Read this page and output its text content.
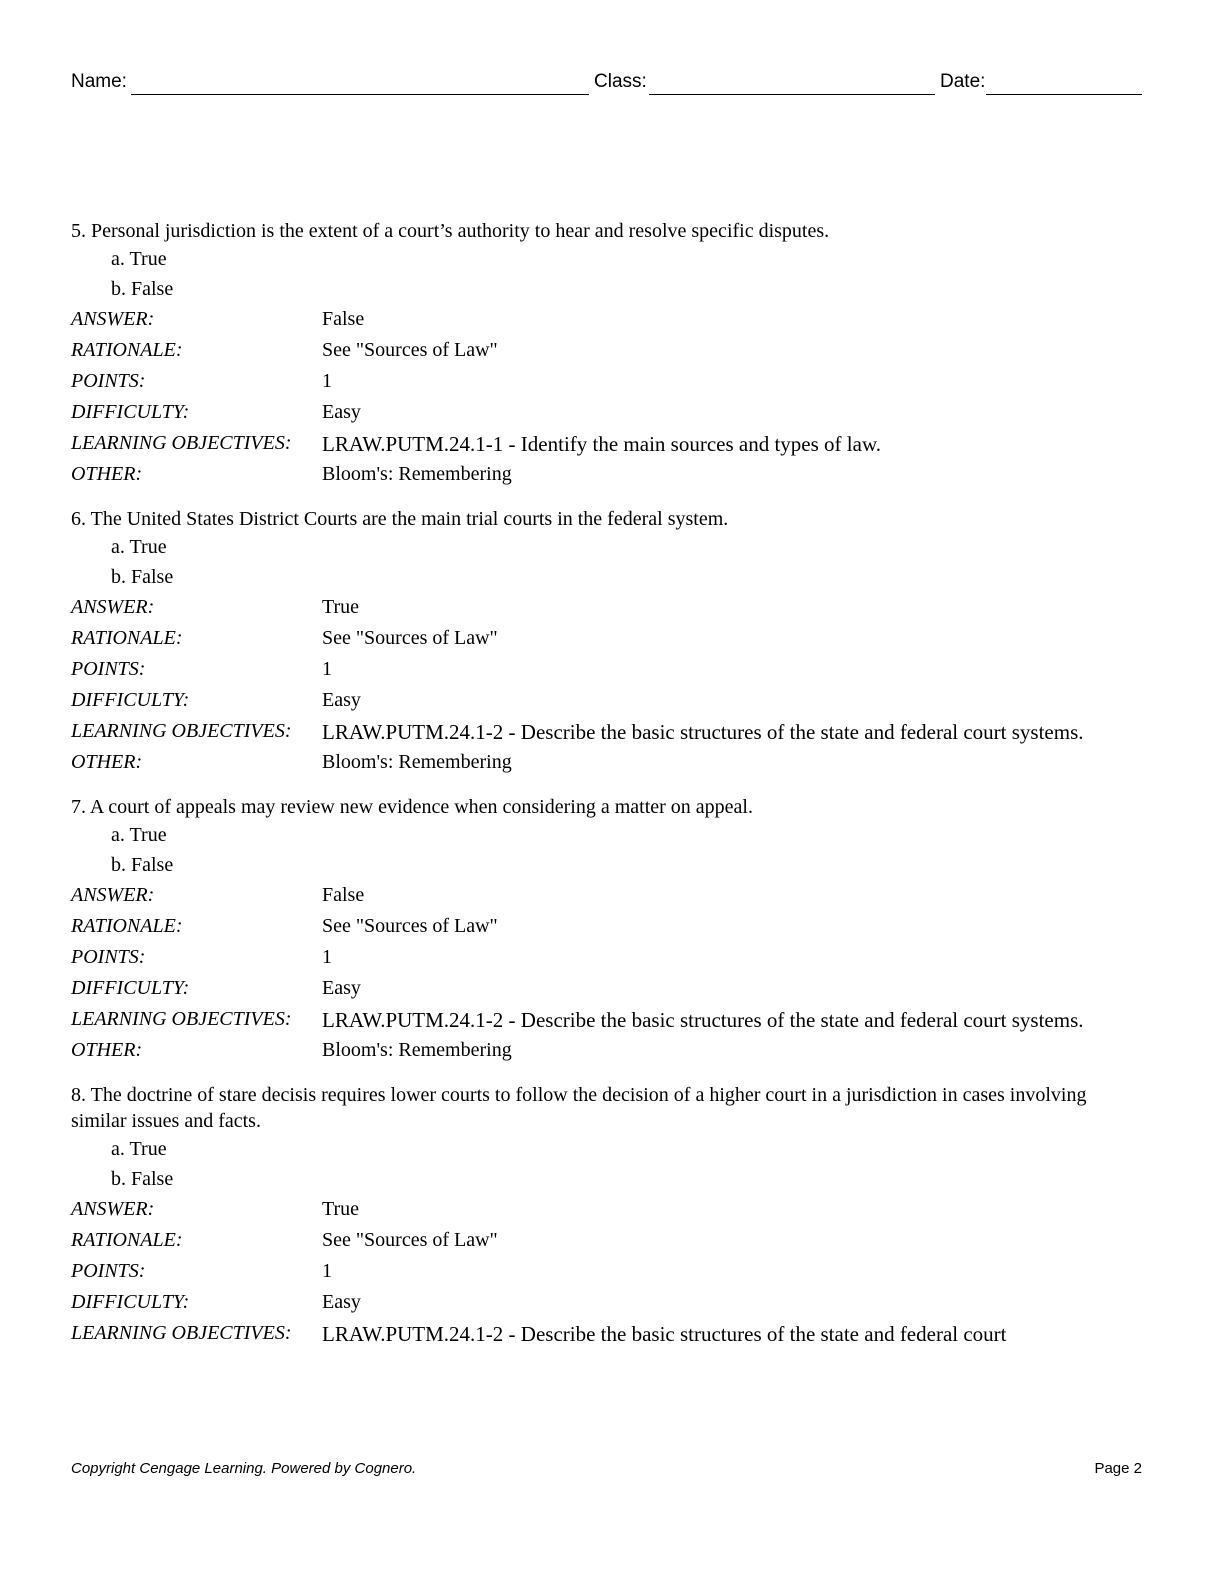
Name:	Class:	Date:
5. Personal jurisdiction is the extent of a court’s authority to hear and resolve specific disputes.
a. True
b. False
ANSWER:	False
RATIONALE:	See "Sources of Law"
POINTS:	1
DIFFICULTY:	Easy
LEARNING OBJECTIVES:	LRAW.PUTM.24.1-1 - Identify the main sources and types of law.
OTHER:	Bloom's: Remembering
6. The United States District Courts are the main trial courts in the federal system.
a. True
b. False
ANSWER:	True
RATIONALE:	See "Sources of Law"
POINTS:	1
DIFFICULTY:	Easy
LEARNING OBJECTIVES:	LRAW.PUTM.24.1-2 - Describe the basic structures of the state and federal court systems.
OTHER:	Bloom's: Remembering
7. A court of appeals may review new evidence when considering a matter on appeal.
a. True
b. False
ANSWER:	False
RATIONALE:	See "Sources of Law"
POINTS:	1
DIFFICULTY:	Easy
LEARNING OBJECTIVES:	LRAW.PUTM.24.1-2 - Describe the basic structures of the state and federal court systems.
OTHER:	Bloom's: Remembering
8. The doctrine of stare decisis requires lower courts to follow the decision of a higher court in a jurisdiction in cases involving similar issues and facts.
a. True
b. False
ANSWER:	True
RATIONALE:	See "Sources of Law"
POINTS:	1
DIFFICULTY:	Easy
LEARNING OBJECTIVES:	LRAW.PUTM.24.1-2 - Describe the basic structures of the state and federal court
Copyright Cengage Learning. Powered by Cognero.	Page 2
